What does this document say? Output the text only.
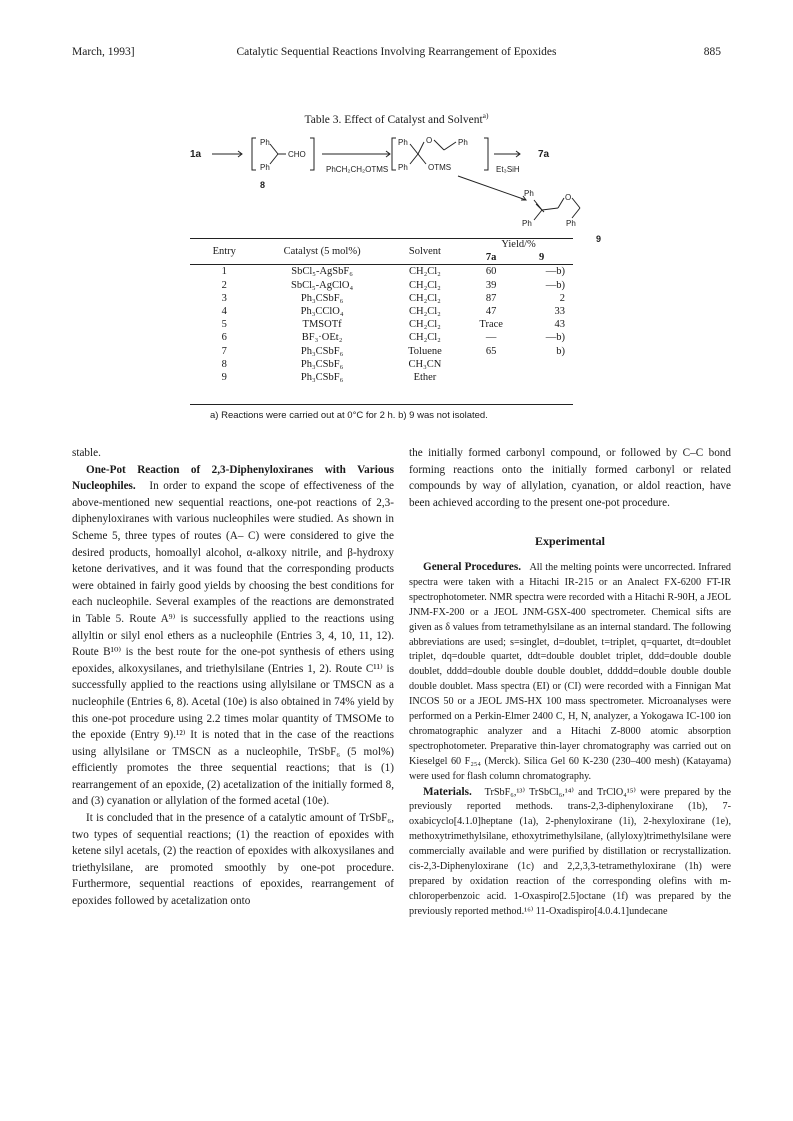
March, 1993]	Catalytic Sequential Reactions Involving Rearrangement of Epoxides	885
Table 3. Effect of Catalyst and Solvent$^{a)}$
1a
Ph
Ph
CHO
8
PhCH₂CH₂OTMS
Ph
Ph
O	Ph
OTMS	Et₃SiH
7a
Ph
Ph
O
Ph
9
Entry	Catalyst (5 mol%)	Solvent	Yield/%	
			7a	9
1	SbCl₅-AgSbF₆	CH₂Cl₂	60	—b)
2	SbCl₅-AgClO₄	CH₂Cl₂	39	—b)
3	Ph₃CSbF₆	CH₂Cl₂	87	2
4	Ph₃CClO₄	CH₂Cl₂	47	33
5	TMSOTf	CH₂Cl₂	Trace	43
6	BF₃·OEt₂	CH₂Cl₂	—	—b)
7	Ph₃CSbF₆	Toluene	65	b)
8	Ph₃CSbF₆	CH₃CN		
9	Ph₃CSbF₆	Ether		
a) Reactions were carried out at 0°C for 2 h. b) 9 was not isolated.

stable.

One-Pot Reaction of 2,3-Diphenyloxiranes with Various Nucleophiles. In order to expand the scope of effectiveness of the above-mentioned new sequential reactions, one-pot reactions of 2,3-diphenyloxiranes with various nucleophiles were studied. As shown in Scheme 5, three types of routes (A– C) were considered to give the desired products, homoallyl alcohol, α-alkoxy nitrile, and β-hydroxy ketone derivatives, and it was found that the corresponding products were obtained in fairly good yields by choosing the best conditions for each nucleophile. Several examples of the reactions are demonstrated in Table 5. Route A⁹⁾ is successfully applied to the reactions using allyltin or silyl enol ethers as a nucleophile (Entries 3, 4, 10, 11, 12). Route B¹⁰⁾ is the best route for the one-pot synthesis of ethers using epoxides, alkoxysilanes, and triethylsilane (Entries 1, 2). Route C¹¹⁾ is successfully applied to the reactions using allylsilane or TMSCN as a nucleophile (Entries 6, 8). Acetal (10e) is also obtained in 74% yield by this one-pot procedure using 2.2 times molar quantity of TMSOMe to the epoxide (Entry 9).¹²⁾ It is noted that in the case of the reactions using allylsilane or TMSCN as a nucleophile, TrSbF₆ (5 mol%) efficiently promotes the three sequential reactions; that is (1) rearrangement of an epoxide, (2) acetalization of the initially formed 8, and (3) cyanation or allylation of the formed acetal (10e).

It is concluded that in the presence of a catalytic amount of TrSbF₆, two types of sequential reactions; (1) the reaction of epoxides with ketene silyl acetals, (2) the reaction of epoxides with alkoxysilanes and triethylsilane, are promoted smoothly by one-pot procedure. Furthermore, sequential reactions of epoxides, rearrangement of epoxides followed by acetalization onto

the initially formed carbonyl compound, or followed by C–C bond forming reactions onto the initially formed carbonyl or related compounds by way of allylation, cyanation, or aldol reaction, have been achieved according to the present one-pot procedure.

Experimental

General Procedures. All the melting points were uncorrected. Infrared spectra were taken with a Hitachi IR-215 or an Analect FX-6200 FT-IR spectrophotometer. NMR spectra were recorded with a Hitachi R-90H, a JEOL JNM-FX-200 or a JEOL JNM-GSX-400 spectrometer. Chemical sifts are given as δ values from tetramethylsilane as an internal standard. The following abbreviations are used; s=singlet, d=doublet, t=triplet, q=quartet, dt=doublet triplet, dq=double quartet, ddt=double doublet triplet, ddd=double double doublet, dddd=double double double doublet, ddddd=double double double double doublet. Mass spectra (EI) or (CI) were recorded with a Finnigan Mat INCOS 50 or a JEOL JMS-HX 100 mass spectrometer. Microanalyses were performed on a Perkin-Elmer 2400 C, H, N, analyzer, a Yokogawa IC-100 ion chromatographic analyzer and a Hitachi Z-8000 atomic absorption spectrophotometer. Preparative thin-layer chromatography was carried out on Kieselgel 60 F₂₅₄ (Merck). Silica Gel 60 K-230 (230–400 mesh) (Katayama) were used for flash column chromatography.

Materials. TrSbF₆,¹³⁾ TrSbCl₆,¹⁴⁾ and TrClO₄¹⁵⁾ were prepared by the previously reported methods. trans-2,3-diphenyloxirane (1b), 7-oxabicyclo[4.1.0]heptane (1a), 2-phenyloxirane (1i), 2-hexyloxirane (1e), methoxytrimethylsilane, ethoxytrimethylsilane, (allyloxy)trimethylsilane were commercially available and were purified by distillation or recrystallization. cis-2,3-Diphenyloxirane (1c) and 2,2,3,3-tetramethyloxirane (1h) were prepared by oxidation reaction of the corresponding olefins with m-chloroperbenzoic acid. 1-Oxaspiro[2.5]octane (1f) was prepared by the previously reported method.¹⁶⁾ 11-Oxadispiro[4.0.4.1]undecane
